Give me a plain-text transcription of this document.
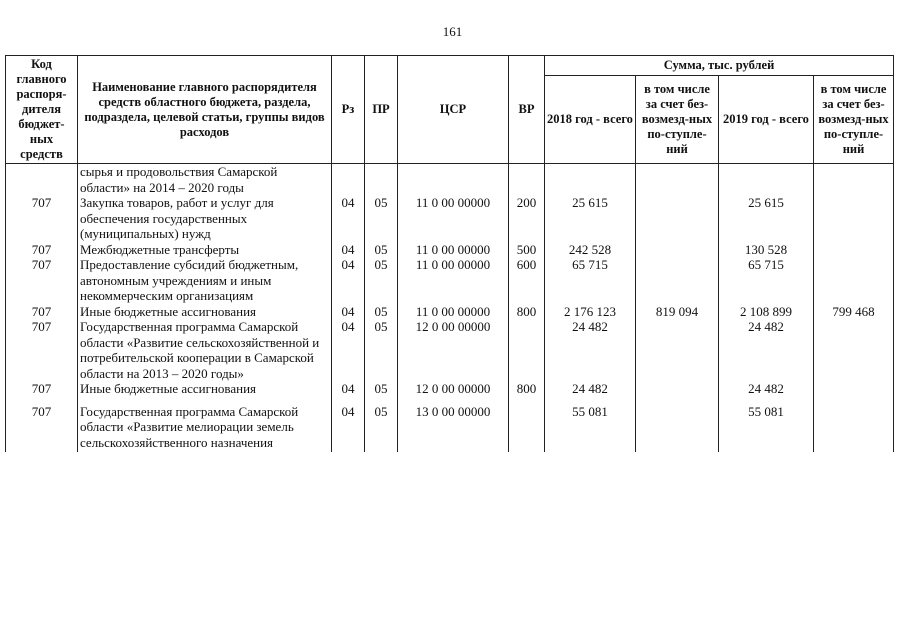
161
Код главного распоря-дителя бюджет-ных средств	Наименование главного распорядителя средств областного бюджета, раздела, подраздела, целевой статьи, группы видов расходов	Рз	ПР	ЦСР	ВР	Сумма, тыс. рублей			
						2018 год - всего	в том числе за счет без-возмезд-ных по-ступле-ний	2019 год - всего	в том числе за счет без-возмезд-ных по-ступле-ний
	сырья и продовольствия Самарской области» на 2014 – 2020 годы								
707	Закупка товаров, работ и услуг для обеспечения государственных (муниципальных) нужд	04	05	11 0 00 00000	200	25 615		25 615	
707	Межбюджетные трансферты	04	05	11 0 00 00000	500	242 528		130 528	
707	Предоставление субсидий бюджетным, автономным учреждениям и иным некоммерческим организациям	04	05	11 0 00 00000	600	65 715		65 715	
707	Иные бюджетные ассигнования	04	05	11 0 00 00000	800	2 176 123	819 094	2 108 899	799 468
707	Государственная программа Самарской области «Развитие сельскохозяйственной и потребительской кооперации в Самарской области на 2013 – 2020 годы»	04	05	12 0 00 00000		24 482		24 482	
707	Иные бюджетные ассигнования	04	05	12 0 00 00000	800	24 482		24 482	
707	Государственная программа Самарской области «Развитие мелиорации земель сельскохозяйственного назначения	04	05	13 0 00 00000		55 081		55 081	
